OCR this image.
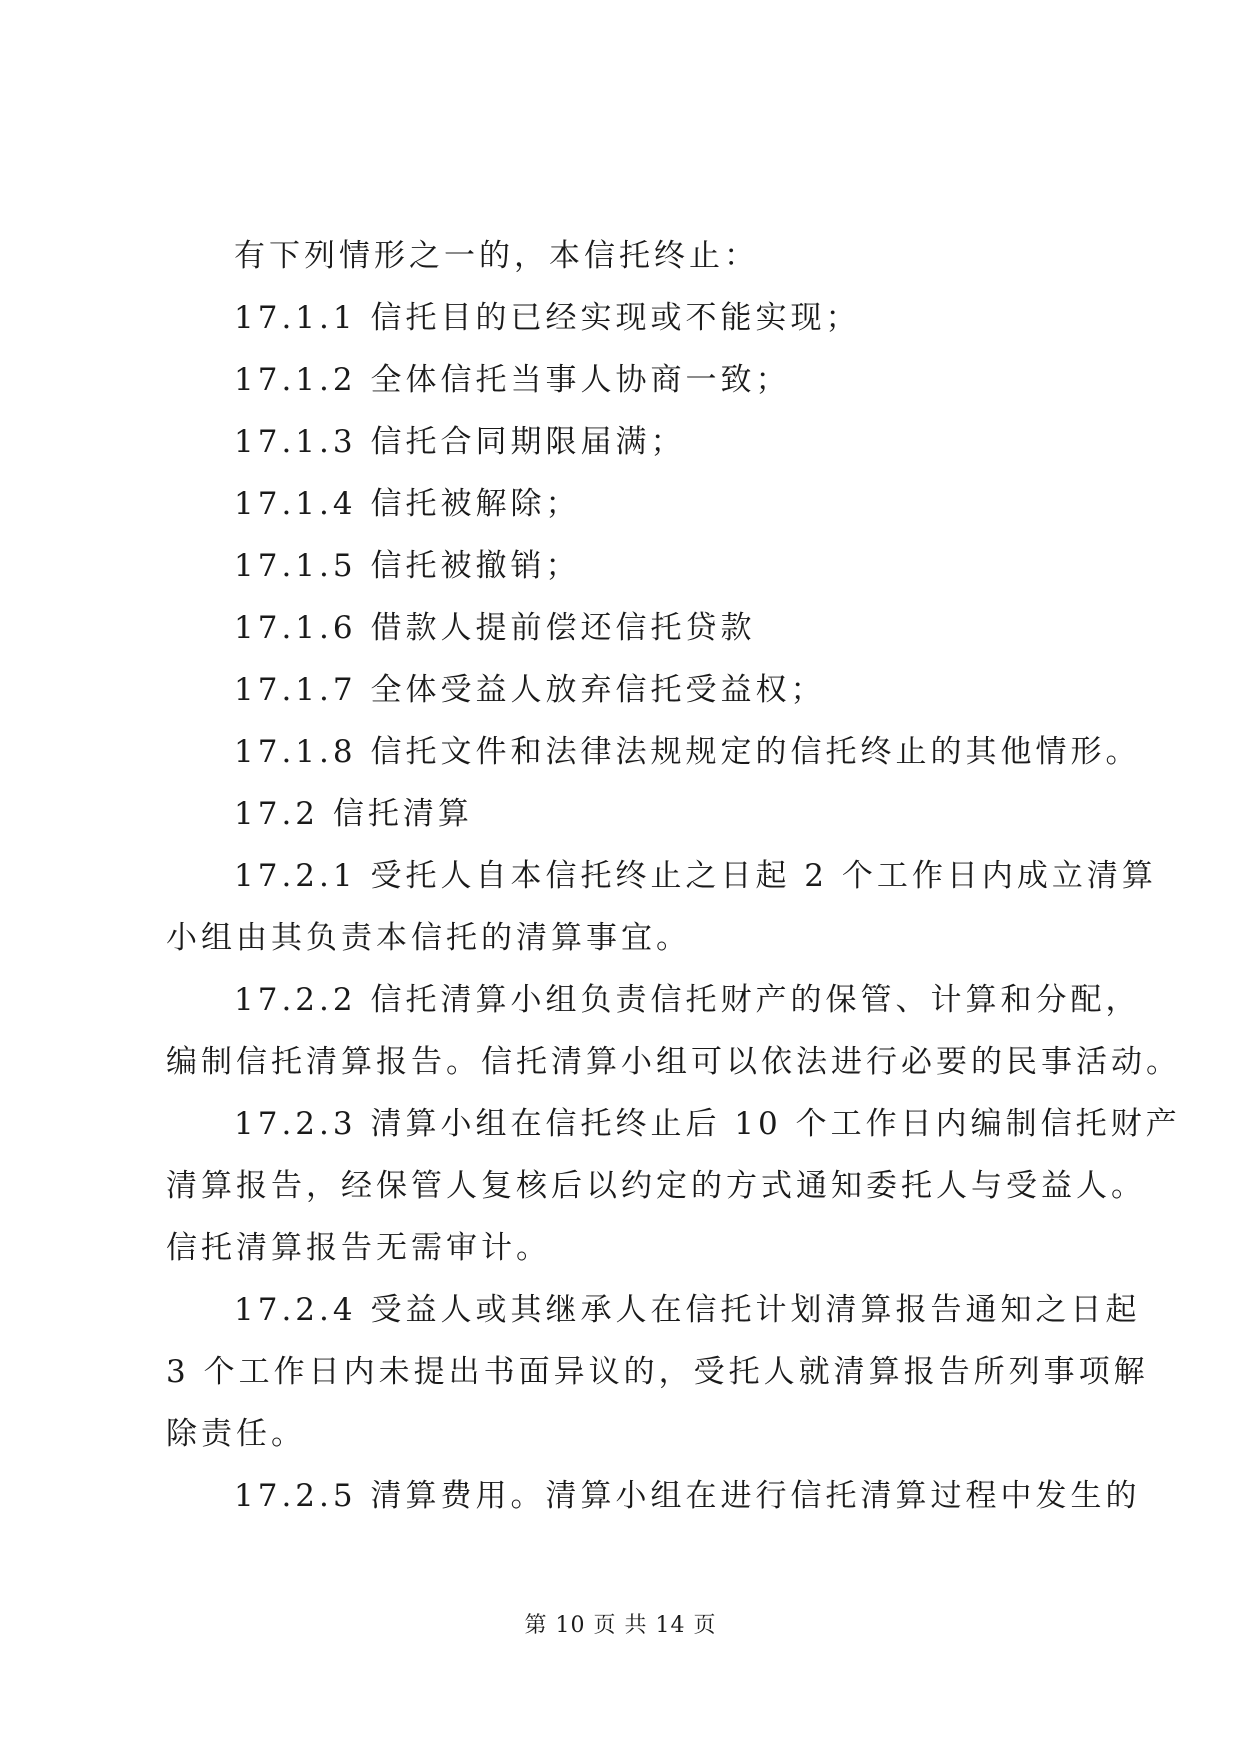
有下列情形之一的，本信托终止：

17.1.1 信托目的已经实现或不能实现；

17.1.2 全体信托当事人协商一致；

17.1.3 信托合同期限届满；

17.1.4 信托被解除；

17.1.5 信托被撤销；

17.1.6 借款人提前偿还信托贷款

17.1.7 全体受益人放弃信托受益权；

17.1.8 信托文件和法律法规规定的信托终止的其他情形。

17.2 信托清算

17.2.1 受托人自本信托终止之日起 2 个工作日内成立清算

小组由其负责本信托的清算事宜。

17.2.2 信托清算小组负责信托财产的保管、计算和分配，

编制信托清算报告。信托清算小组可以依法进行必要的民事活动。

17.2.3 清算小组在信托终止后 10 个工作日内编制信托财产

清算报告，经保管人复核后以约定的方式通知委托人与受益人。

信托清算报告无需审计。

17.2.4 受益人或其继承人在信托计划清算报告通知之日起

3 个工作日内未提出书面异议的，受托人就清算报告所列事项解

除责任。

17.2.5 清算费用。清算小组在进行信托清算过程中发生的

第 10 页 共 14 页
